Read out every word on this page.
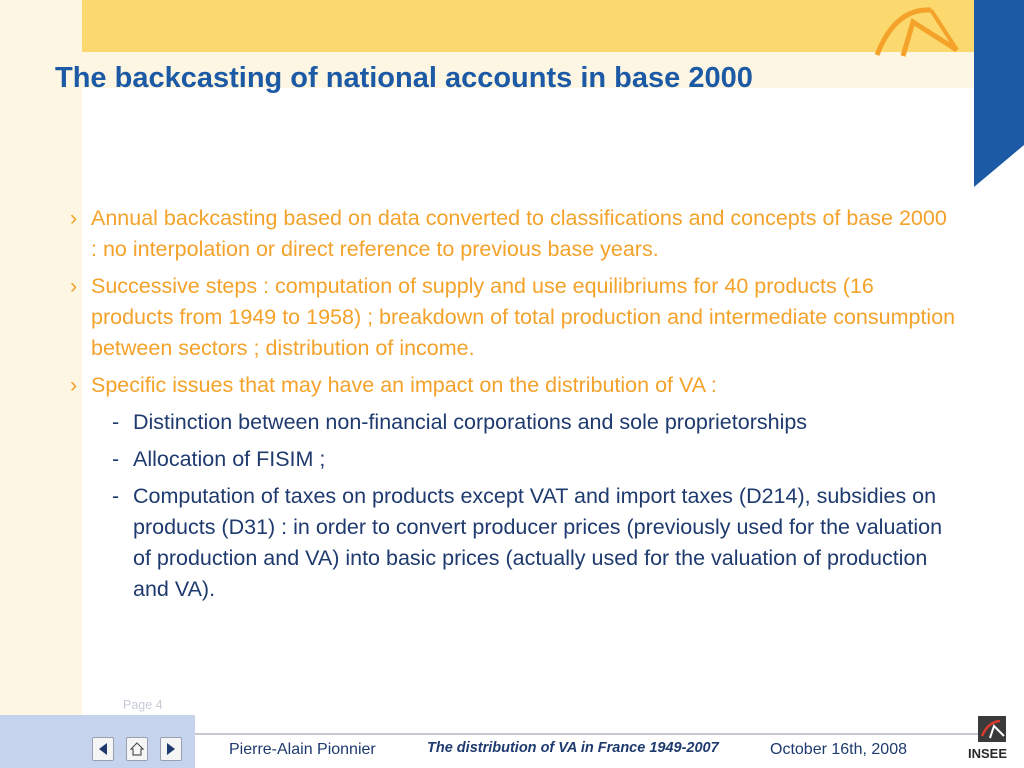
The backcasting of national accounts in base 2000
› Annual backcasting based on data converted to classifications and concepts of base 2000 : no interpolation or direct reference to previous base years.
› Successive steps : computation of supply and use equilibriums for 40 products (16 products from 1949 to 1958) ; breakdown of total production and intermediate consumption between sectors ; distribution of income.
› Specific issues that may have an impact on the distribution of VA :
- Distinction between non-financial corporations and sole proprietorships
- Allocation of FISIM ;
- Computation of taxes on products except VAT and import taxes (D214), subsidies on products (D31) : in order to convert producer prices (previously used for the valuation of production and VA) into basic prices (actually used for the valuation of production and VA).
Page 4
Pierre-Alain Pionnier	The distribution of VA in France 1949-2007	October 16th, 2008	INSEE
